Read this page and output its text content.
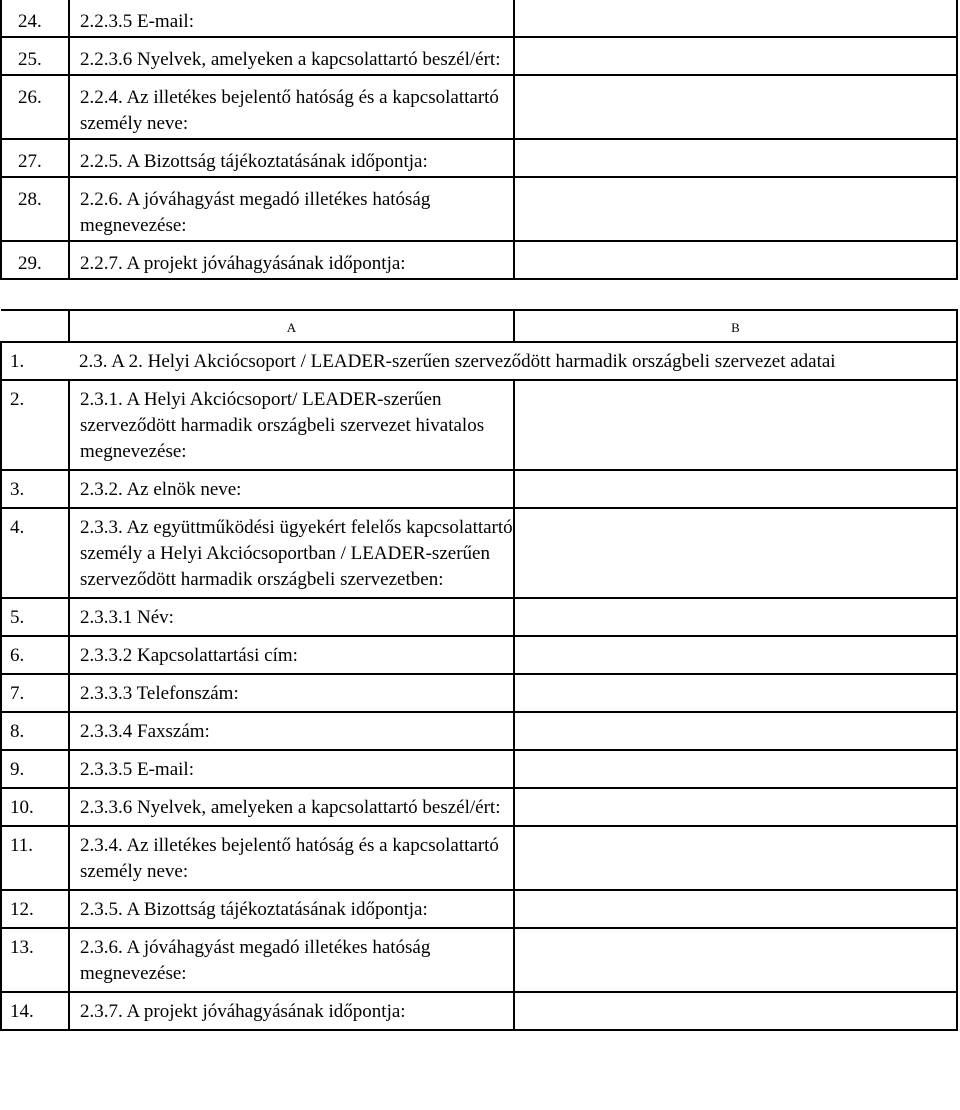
24.	2.2.3.5 E-mail:	
25.	2.2.3.6 Nyelvek, amelyeken a kapcsolattartó beszél/ért:	
26.	2.2.4. Az illetékes bejelentő hatóság és a kapcsolattartó személy neve:	
27.	2.2.5. A Bizottság tájékoztatásának időpontja:	
28.	2.2.6. A jóváhagyást megadó illetékes hatóság megnevezése:	
29.	2.2.7. A projekt jóváhagyásának időpontja:	
	A	B
1.	2.3. A 2. Helyi Akciócsoport / LEADER-szerűen szerveződött harmadik országbeli szervezet adatai	
2.	2.3.1. A Helyi Akciócsoport/ LEADER-szerűen szerveződött harmadik országbeli szervezet hivatalos megnevezése:	
3.	2.3.2. Az elnök neve:	
4.	2.3.3. Az együttműködési ügyekért felelős kapcsolattartó személy a Helyi Akciócsoportban / LEADER-szerűen szerveződött harmadik országbeli szervezetben:	
5.	2.3.3.1 Név:	
6.	2.3.3.2 Kapcsolattartási cím:	
7.	2.3.3.3 Telefonszám:	
8.	2.3.3.4 Faxszám:	
9.	2.3.3.5 E-mail:	
10.	2.3.3.6 Nyelvek, amelyeken a kapcsolattartó beszél/ért:	
11.	2.3.4. Az illetékes bejelentő hatóság és a kapcsolattartó személy neve:	
12.	2.3.5. A Bizottság tájékoztatásának időpontja:	
13.	2.3.6. A jóváhagyást megadó illetékes hatóság megnevezése:	
14.	2.3.7. A projekt jóváhagyásának időpontja:	
